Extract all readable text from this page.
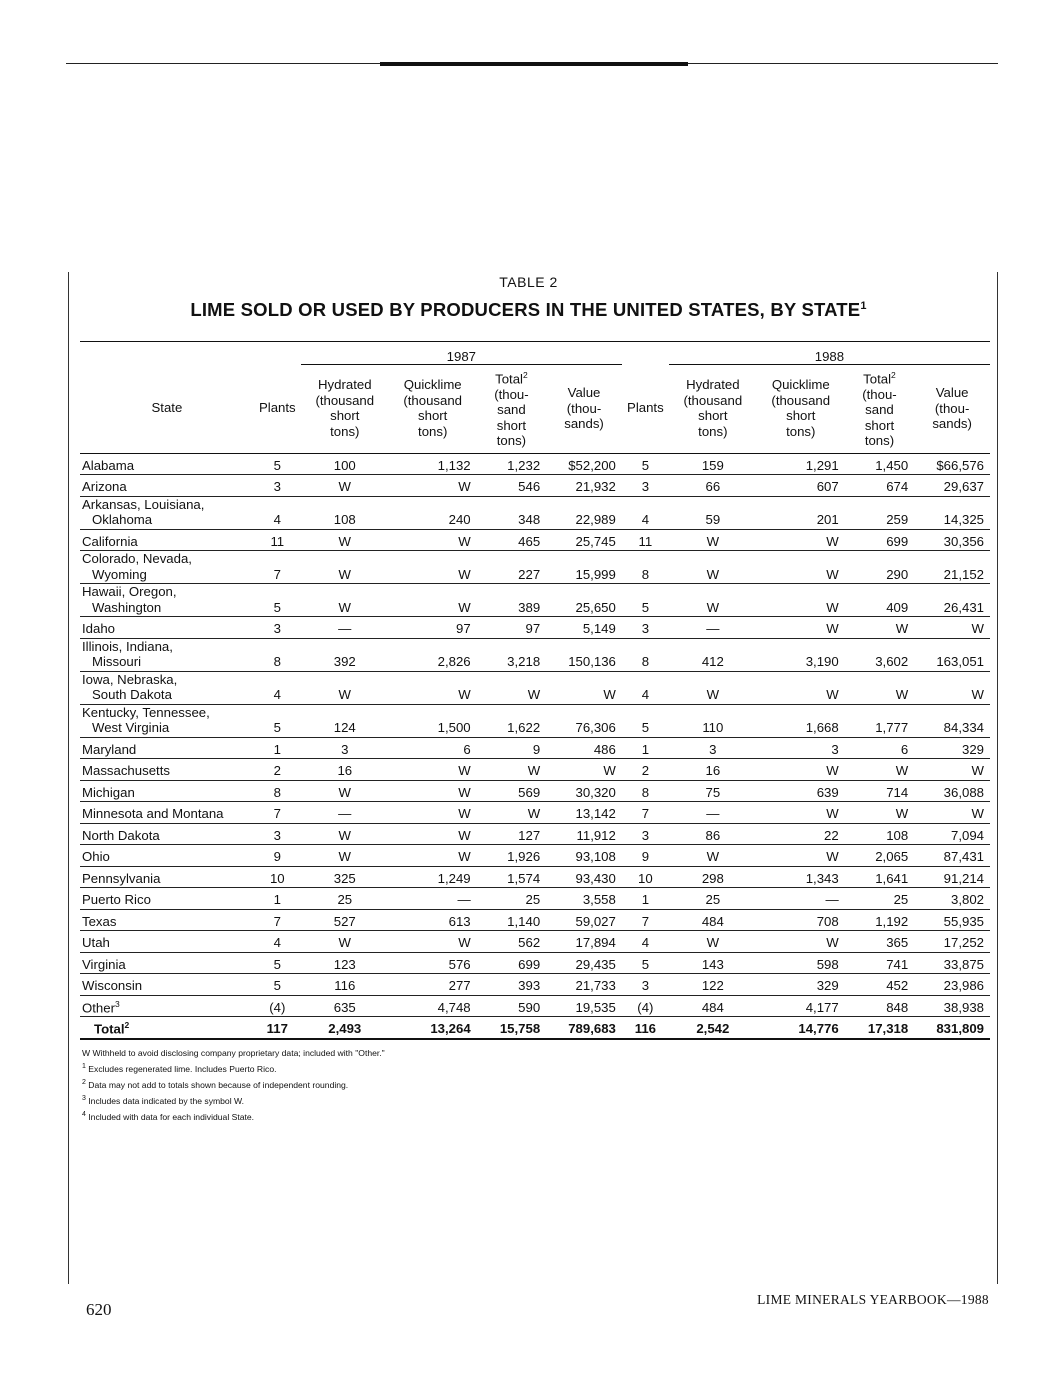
TABLE 2
LIME SOLD OR USED BY PRODUCERS IN THE UNITED STATES, BY STATE$^1$
		1987					1988			
State	Plants	Hydrated
(thousand
short
tons)	Quicklime
(thousand
short
tons)	Total$^2$
(thou-
sand
short
tons)	Value
(thou-
sands)	Plants	Hydrated
(thousand
short
tons)	Quicklime
(thousand
short
tons)	Total$^2$
(thou-
sand
short
tons)	Value
(thou-
sands)
Alabama	5	100	1,132	1,232	$52,200	5	159	1,291	1,450	$66,576
Arizona	3	W	W	546	21,932	3	66	607	674	29,637
Arkansas, Louisiana,
Oklahoma	4	108	240	348	22,989	4	59	201	259	14,325
California	11	W	W	465	25,745	11	W	W	699	30,356
Colorado, Nevada,
Wyoming	7	W	W	227	15,999	8	W	W	290	21,152
Hawaii, Oregon,
Washington	5	W	W	389	25,650	5	W	W	409	26,431
Idaho	3	—	97	97	5,149	3	—	W	W	W
Illinois, Indiana,
Missouri	8	392	2,826	3,218	150,136	8	412	3,190	3,602	163,051
Iowa, Nebraska,
South Dakota	4	W	W	W	W	4	W	W	W	W
Kentucky, Tennessee,
West Virginia	5	124	1,500	1,622	76,306	5	110	1,668	1,777	84,334
Maryland	1	3	6	9	486	1	3	3	6	329
Massachusetts	2	16	W	W	W	2	16	W	W	W
Michigan	8	W	W	569	30,320	8	75	639	714	36,088
Minnesota and Montana	7	—	W	W	13,142	7	—	W	W	W
North Dakota	3	W	W	127	11,912	3	86	22	108	7,094
Ohio	9	W	W	1,926	93,108	9	W	W	2,065	87,431
Pennsylvania	10	325	1,249	1,574	93,430	10	298	1,343	1,641	91,214
Puerto Rico	1	25	—	25	3,558	1	25	—	25	3,802
Texas	7	527	613	1,140	59,027	7	484	708	1,192	55,935
Utah	4	W	W	562	17,894	4	W	W	365	17,252
Virginia	5	123	576	699	29,435	5	143	598	741	33,875
Wisconsin	5	116	277	393	21,733	3	122	329	452	23,986
Other$^3$	(4)	635	4,748	590	19,535	(4)	484	4,177	848	38,938
Total$^2$	117	2,493	13,264	15,758	789,683	116	2,542	14,776	17,318	831,809
W Withheld to avoid disclosing company proprietary data; included with "Other."
$^1$ Excludes regenerated lime. Includes Puerto Rico.
$^2$ Data may not add to totals shown because of independent rounding.
$^3$ Includes data indicated by the symbol W.
$^4$ Included with data for each individual State.
620
LIME MINERALS YEARBOOK—1988
